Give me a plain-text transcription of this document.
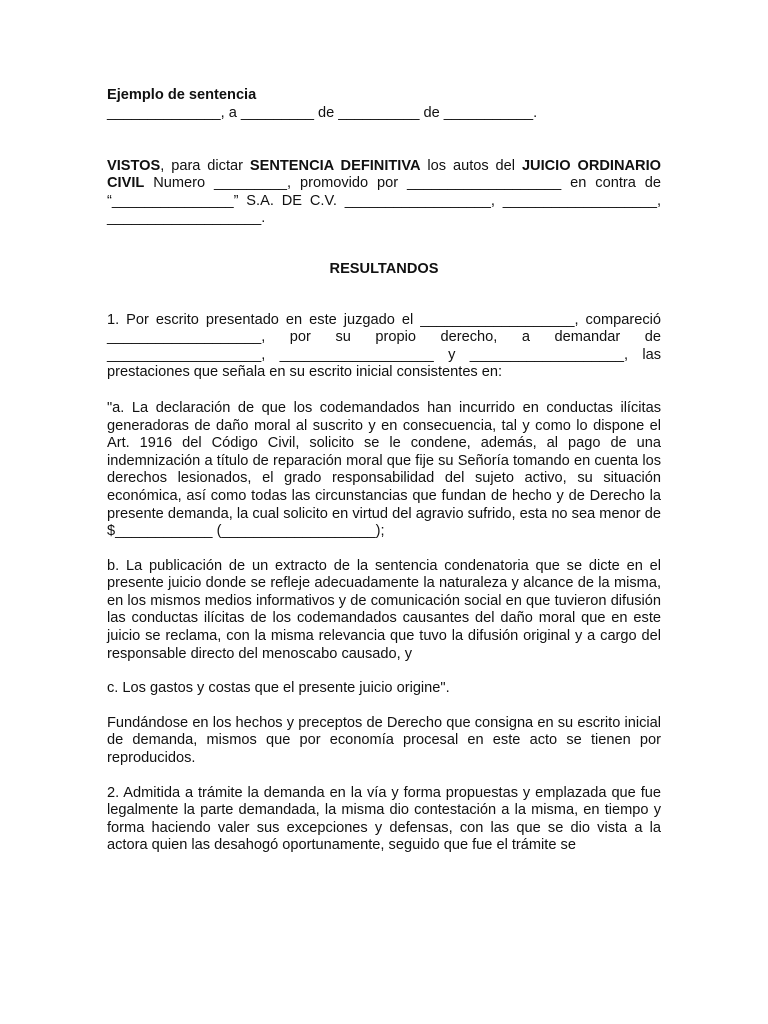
Ejemplo de sentencia

______________, a _________ de __________ de ___________.

VISTOS, para dictar SENTENCIA DEFINITIVA los autos del JUICIO ORDINARIO CIVIL Numero _________, promovido por ___________________ en contra de “_______________” S.A. DE C.V. __________________, ___________________, ___________________.

RESULTANDOS

1. Por escrito presentado en este juzgado el ___________________, compareció ___________________, por su propio derecho, a demandar de ___________________, ___________________ y ___________________, las prestaciones que señala en su escrito inicial consistentes en:

"a. La declaración de que los codemandados han incurrido en conductas ilícitas generadoras de daño moral al suscrito y en consecuencia, tal y como lo dispone el Art. 1916 del Código Civil, solicito se le condene, además, al pago de una indemnización a título de reparación moral que fije su Señoría tomando en cuenta los derechos lesionados, el grado responsabilidad del sujeto activo, su situación económica, así como todas las circunstancias que fundan de hecho y de Derecho la presente demanda, la cual solicito en virtud del agravio sufrido, esta no sea menor de $____________ (___________________);

b. La publicación de un extracto de la sentencia condenatoria que se dicte en el presente juicio donde se refleje adecuadamente la naturaleza y alcance de la misma, en los mismos medios informativos y de comunicación social en que tuvieron difusión las conductas ilícitas de los codemandados causantes del daño moral que en este juicio se reclama, con la misma relevancia que tuvo la difusión original y a cargo del responsable directo del menoscabo causado, y

c. Los gastos y costas que el presente juicio origine".

Fundándose en los hechos y preceptos de Derecho que consigna en su escrito inicial de demanda, mismos que por economía procesal en este acto se tienen por reproducidos.

2. Admitida a trámite la demanda en la vía y forma propuestas y emplazada que fue legalmente la parte demandada, la misma dio contestación a la misma, en tiempo y forma haciendo valer sus excepciones y defensas, con las que se dio vista a la actora quien las desahogó oportunamente, seguido que fue el trámite se
